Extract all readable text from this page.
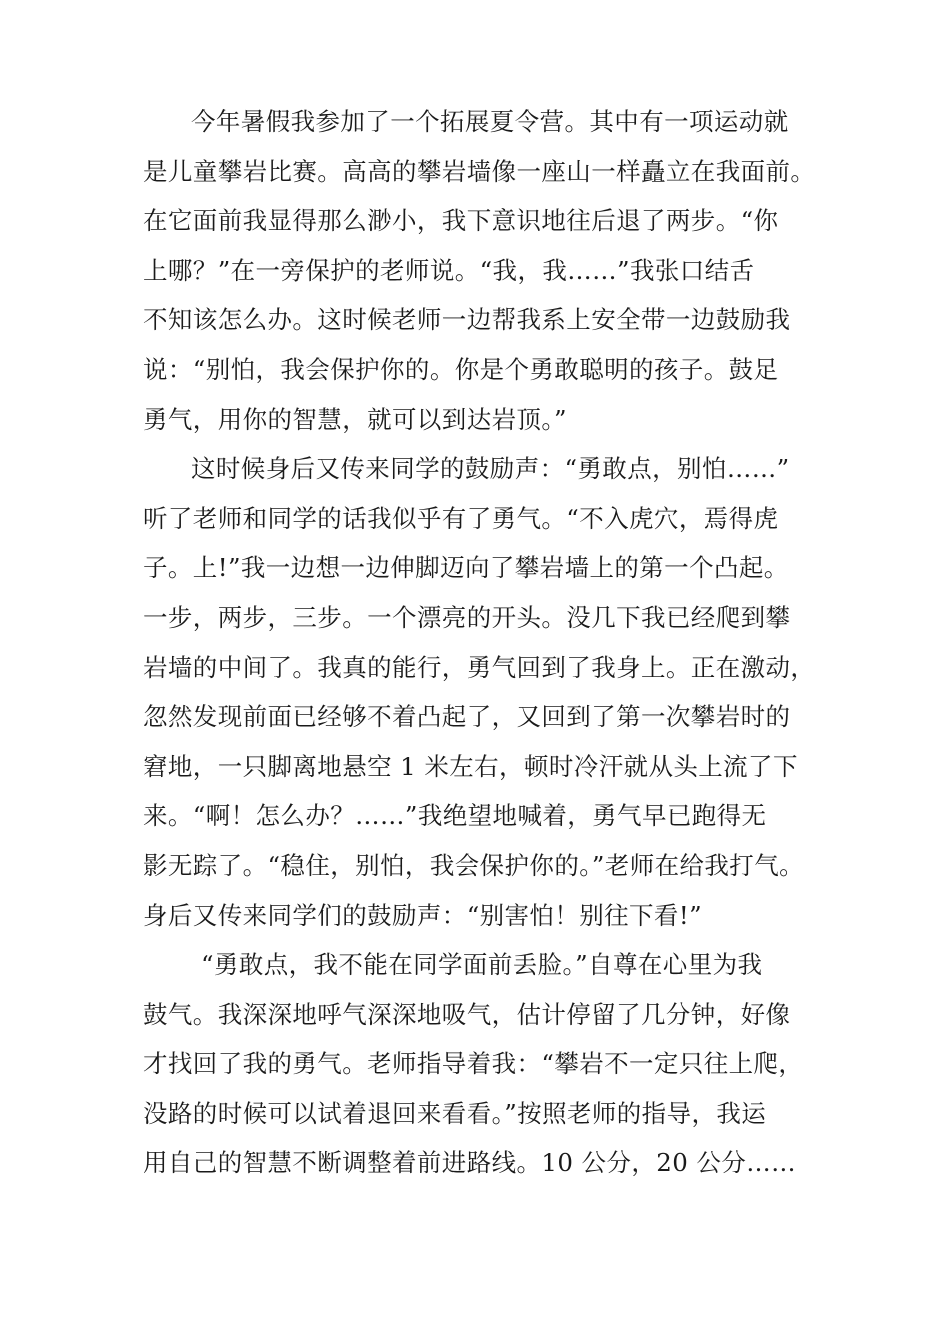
今年暑假我参加了一个拓展夏令营。其中有一项运动就
是儿童攀岩比赛。高高的攀岩墙像一座山一样矗立在我面前。
在它面前我显得那么渺小，我下意识地往后退了两步。“你
上哪？”在一旁保护的老师说。“我，我……”我张口结舌
不知该怎么办。这时候老师一边帮我系上安全带一边鼓励我
说：“别怕，我会保护你的。你是个勇敢聪明的孩子。鼓足
勇气，用你的智慧，就可以到达岩顶。”
这时候身后又传来同学的鼓励声：“勇敢点，别怕……”
听了老师和同学的话我似乎有了勇气。“不入虎穴，焉得虎
子。上!”我一边想一边伸脚迈向了攀岩墙上的第一个凸起。
一步，两步，三步。一个漂亮的开头。没几下我已经爬到攀
岩墙的中间了。我真的能行，勇气回到了我身上。正在激动，
忽然发现前面已经够不着凸起了，又回到了第一次攀岩时的
窘地，一只脚离地悬空 1 米左右，顿时冷汗就从头上流了下
来。“啊！怎么办？……”我绝望地喊着，勇气早已跑得无
影无踪了。“稳住，别怕，我会保护你的。”老师在给我打气。
身后又传来同学们的鼓励声：“别害怕！别往下看!”
“勇敢点，我不能在同学面前丢脸。”自尊在心里为我
鼓气。我深深地呼气深深地吸气，估计停留了几分钟，好像
才找回了我的勇气。老师指导着我：“攀岩不一定只往上爬，
没路的时候可以试着退回来看看。”按照老师的指导，我运
用自己的智慧不断调整着前进路线。10 公分，20 公分……
